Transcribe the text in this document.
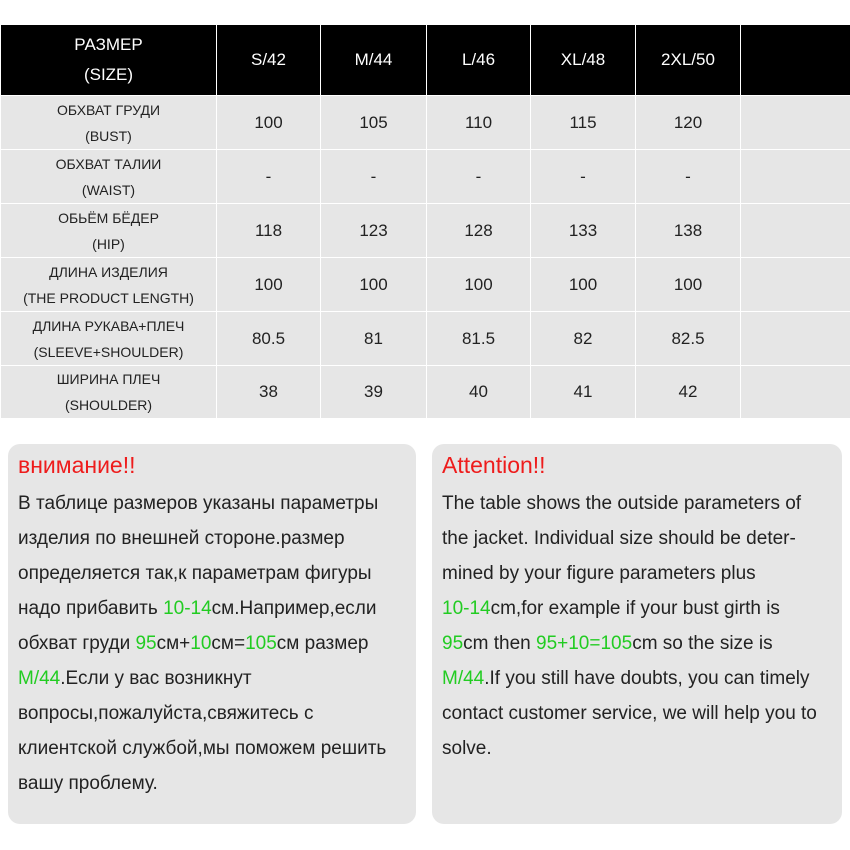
РАЗМЕР
(SIZE)	S/42	M/44	L/46	XL/48	2XL/50	

ОБХВАТ ГРУДИ
(BUST)	100	105	110	115	120	

ОБХВАТ ТАЛИИ
(WAIST)	-	-	-	-	-	

ОБЬЁМ БЁДЕР
(HIP)	118	123	128	133	138	

ДЛИНА ИЗДЕЛИЯ
(THE PRODUCT LENGTH)	100	100	100	100	100	

ДЛИНА РУКАВА+ПЛЕЧ
(SLEEVE+SHOULDER)	80.5	81	81.5	82	82.5	

ШИРИНА ПЛЕЧ
(SHOULDER)	38	39	40	41	42	
внимание!!
В таблице размеров указаны параметры
изделия по внешней стороне.размер
определяется так,к параметрам фигуры
надо прибавить 10-14см.Например,если
обхват груди 95см+10см=105см размер
M/44.Если у вас возникнут
вопросы,пожалуйста,свяжитесь с
клиентской службой,мы поможем решить
вашу проблему.
Attention!!
The table shows the outside parameters of
the jacket. Individual size should be deter-
mined by your figure parameters plus
10-14cm,for example if your bust girth is
95cm then 95+10=105cm so the size is
M/44.If you still have doubts, you can timely
contact customer service, we will help you to
solve.
